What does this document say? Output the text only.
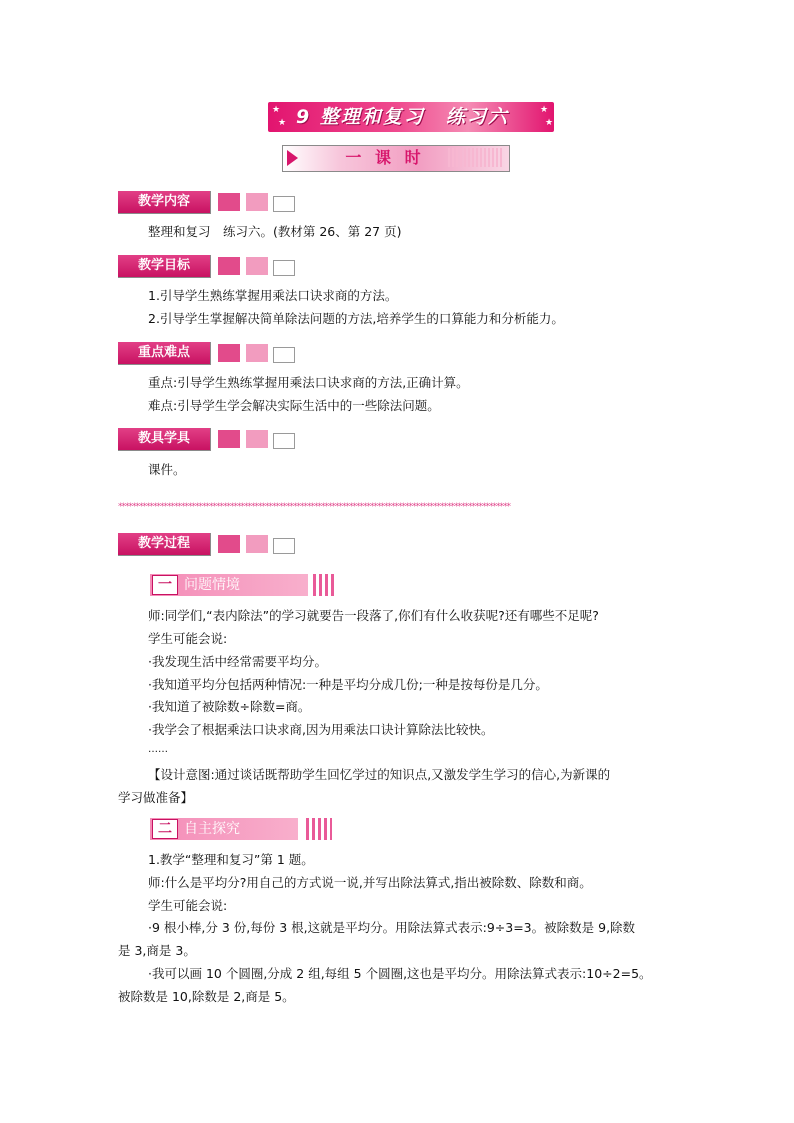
★
★
★
★
9 整理和复习　练习六
一 课 时
教学内容
整理和复习　练习六。(教材第 26、第 27 页)
教学目标
1.引导学生熟练掌握用乘法口诀求商的方法。
2.引导学生掌握解决简单除法问题的方法,培养学生的口算能力和分析能力。
重点难点
重点:引导学生熟练掌握用乘法口诀求商的方法,正确计算。
难点:引导学生学会解决实际生活中的一些除法问题。
教具学具
课件。
****************************************************************************************************************
教学过程
一 问题情境
师:同学们,“表内除法”的学习就要告一段落了,你们有什么收获呢?还有哪些不足呢?
学生可能会说:
·我发现生活中经常需要平均分。
·我知道平均分包括两种情况:一种是平均分成几份;一种是按每份是几分。
·我知道了被除数÷除数=商。
·我学会了根据乘法口诀求商,因为用乘法口诀计算除法比较快。
……
【设计意图:通过谈话既帮助学生回忆学过的知识点,又激发学生学习的信心,为新课的
学习做准备】
二 自主探究
1.教学“整理和复习”第 1 题。
师:什么是平均分?用自己的方式说一说,并写出除法算式,指出被除数、除数和商。
学生可能会说:
·9 根小棒,分 3 份,每份 3 根,这就是平均分。用除法算式表示:9÷3=3。被除数是 9,除数
是 3,商是 3。
·我可以画 10 个圆圈,分成 2 组,每组 5 个圆圈,这也是平均分。用除法算式表示:10÷2=5。
被除数是 10,除数是 2,商是 5。
